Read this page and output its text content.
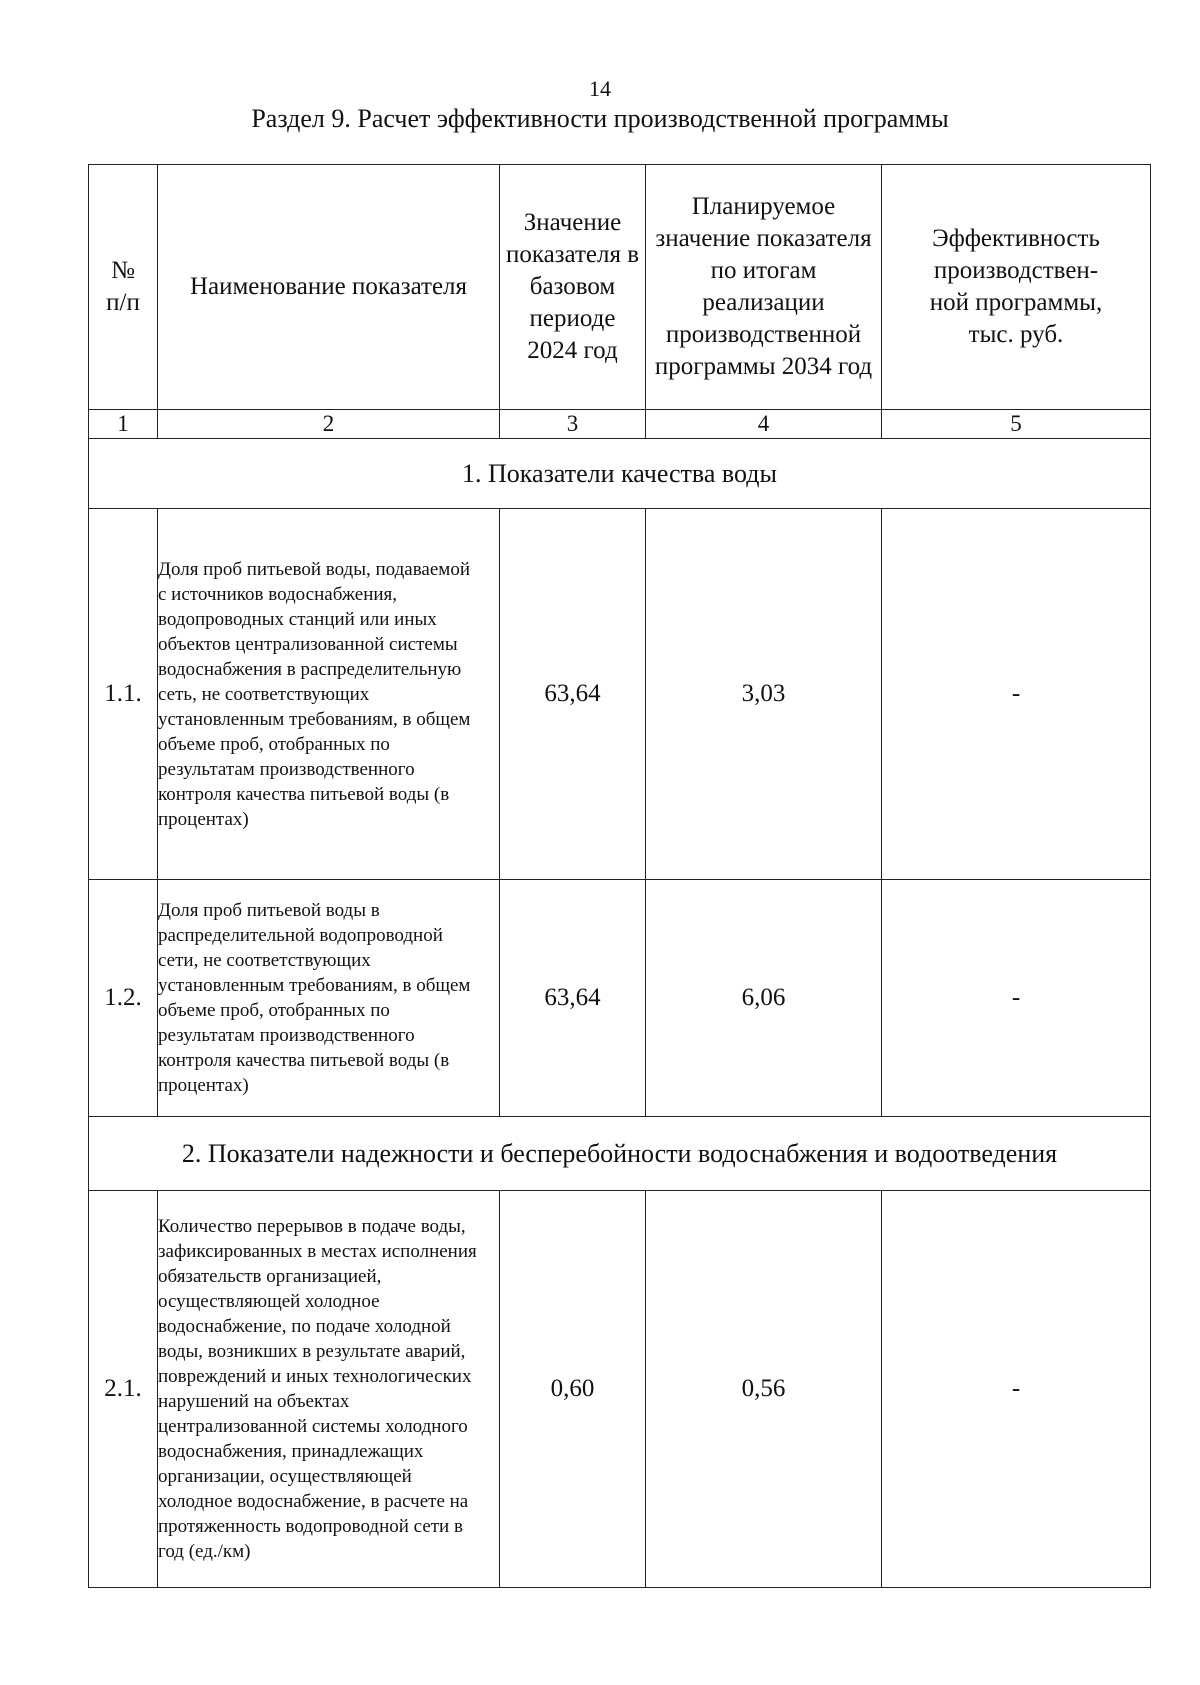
14
Раздел 9. Расчет эффективности производственной программы
№ п/п	Наименование показателя	Значение показателя в базовом периоде 2024 год	Планируемое значение показателя по итогам реализации производственной программы 2034 год	Эффективность производствен-ной программы, тыс. руб.

1	2	3	4	5
1. Показатели качества воды				
1.1.	Доля проб питьевой воды, подаваемой с источников водоснабжения, водопроводных станций или иных объектов централизованной системы водоснабжения в распределительную сеть, не соответствующих установленным требованиям, в общем объеме проб, отобранных по результатам производственного контроля качества питьевой воды (в процентах)	63,64	3,03	-
1.2.	Доля проб питьевой воды в распределительной водопроводной сети, не соответствующих установленным требованиям, в общем объеме проб, отобранных по результатам производственного контроля качества питьевой воды (в процентах)	63,64	6,06	-
2. Показатели надежности и бесперебойности водоснабжения и водоотведения				
2.1.	Количество перерывов в подаче воды, зафиксированных в местах исполнения обязательств организацией, осуществляющей холодное водоснабжение, по подаче холодной воды, возникших в результате аварий, повреждений и иных технологических нарушений на объектах централизованной системы холодного водоснабжения, принадлежащих организации, осуществляющей холодное водоснабжение, в расчете на протяженность водопроводной сети в год (ед./км)	0,60	0,56	-
